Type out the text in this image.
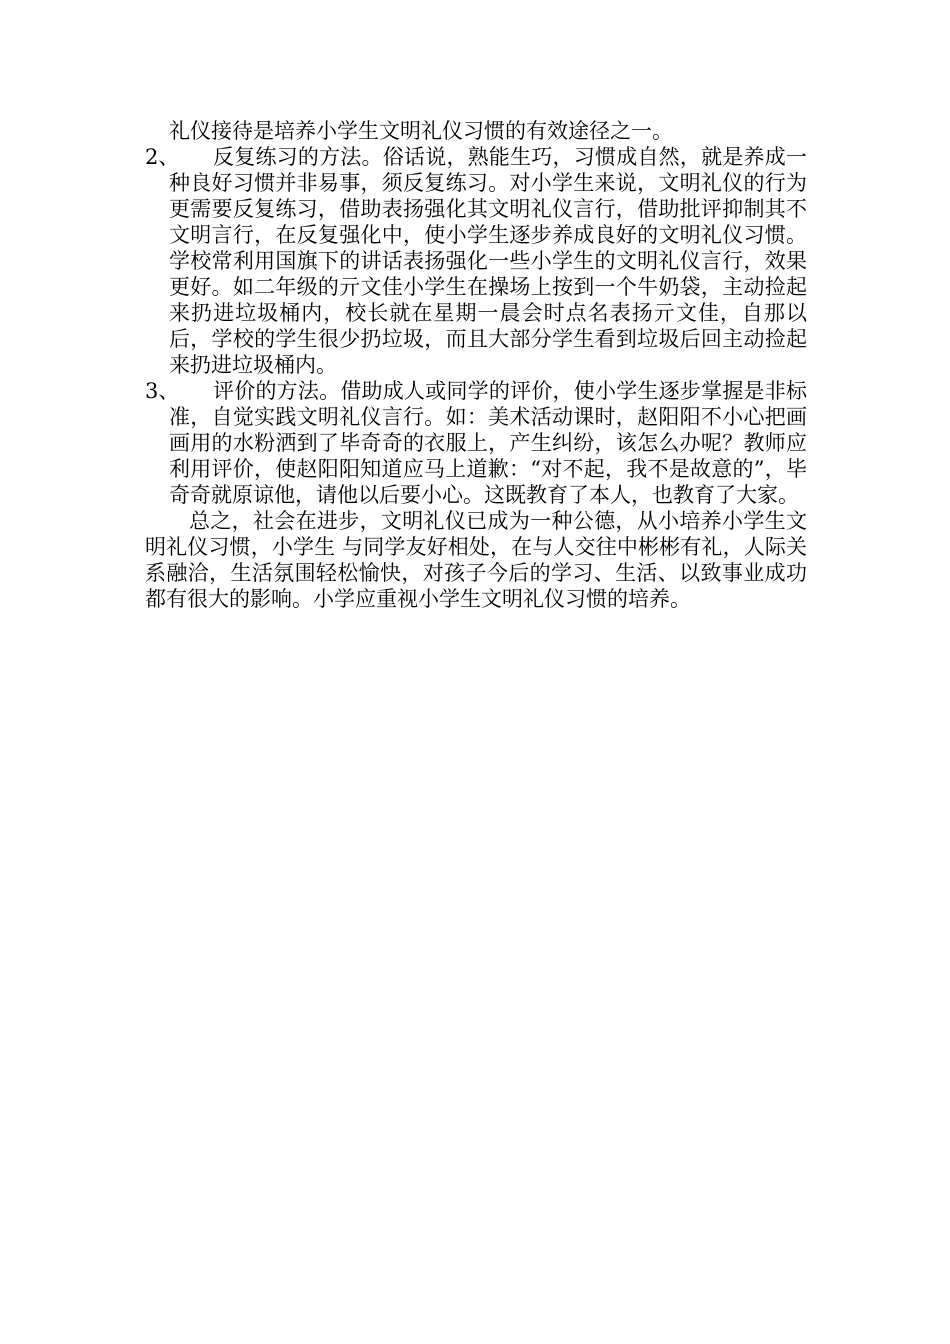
礼仪接待是培养小学生文明礼仪习惯的有效途径之一。

2、	反复练习的方法。俗话说，熟能生巧，习惯成自然，就是养成一种良好习惯并非易事，须反复练习。对小学生来说，文明礼仪的行为更需要反复练习，借助表扬强化其文明礼仪言行，借助批评抑制其不文明言行，在反复强化中，使小学生逐步养成良好的文明礼仪习惯。学校常利用国旗下的讲话表扬强化一些小学生的文明礼仪言行，效果更好。如二年级的亓文佳小学生在操场上按到一个牛奶袋，主动捡起来扔进垃圾桶内，校长就在星期一晨会时点名表扬亓文佳，自那以后，学校的学生很少扔垃圾，而且大部分学生看到垃圾后回主动捡起来扔进垃圾桶内。

3、	评价的方法。借助成人或同学的评价，使小学生逐步掌握是非标准，自觉实践文明礼仪言行。如：美术活动课时，赵阳阳不小心把画画用的水粉洒到了毕奇奇的衣服上，产生纠纷，该怎么办呢？教师应利用评价，使赵阳阳知道应马上道歉：“对不起，我不是故意的”，毕奇奇就原谅他，请他以后要小心。这既教育了本人，也教育了大家。

总之，社会在进步，文明礼仪已成为一种公德，从小培养小学生文明礼仪习惯，小学生 与同学友好相处，在与人交往中彬彬有礼，人际关系融洽，生活氛围轻松愉快，对孩子今后的学习、生活、以致事业成功都有很大的影响。小学应重视小学生文明礼仪习惯的培养。
